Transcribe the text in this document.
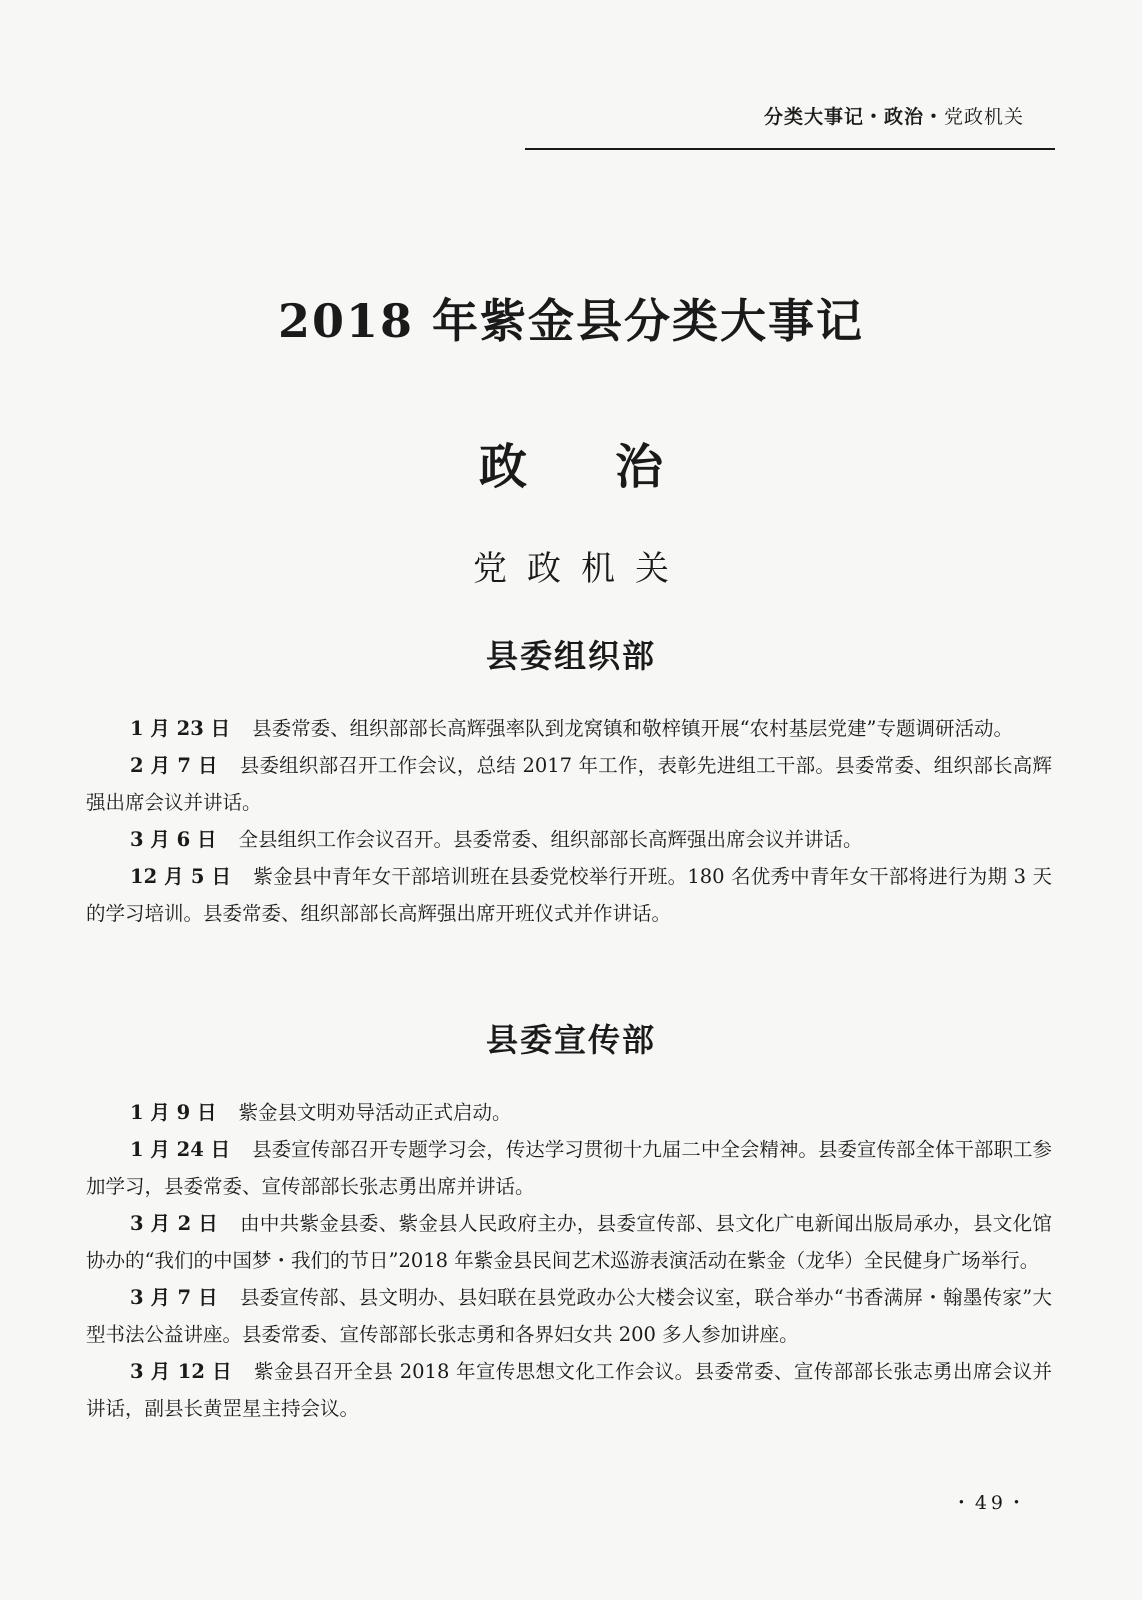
分类大事记・政治・党政机关
2018 年紫金县分类大事记
政治
党政机关
县委组织部

1 月 23 日 县委常委、组织部部长高辉强率队到龙窝镇和敬梓镇开展“农村基层党建”专题调研活动。

2 月 7 日 县委组织部召开工作会议，总结 2017 年工作，表彰先进组工干部。县委常委、组织部长高辉强出席会议并讲话。

3 月 6 日 全县组织工作会议召开。县委常委、组织部部长高辉强出席会议并讲话。

12 月 5 日 紫金县中青年女干部培训班在县委党校举行开班。180 名优秀中青年女干部将进行为期 3 天的学习培训。县委常委、组织部部长高辉强出席开班仪式并作讲话。

县委宣传部

1 月 9 日 紫金县文明劝导活动正式启动。

1 月 24 日 县委宣传部召开专题学习会，传达学习贯彻十九届二中全会精神。县委宣传部全体干部职工参加学习，县委常委、宣传部部长张志勇出席并讲话。

3 月 2 日 由中共紫金县委、紫金县人民政府主办，县委宣传部、县文化广电新闻出版局承办，县文化馆协办的“我们的中国梦・我们的节日”2018 年紫金县民间艺术巡游表演活动在紫金（龙华）全民健身广场举行。

3 月 7 日 县委宣传部、县文明办、县妇联在县党政办公大楼会议室，联合举办“书香满屏・翰墨传家”大型书法公益讲座。县委常委、宣传部部长张志勇和各界妇女共 200 多人参加讲座。

3 月 12 日 紫金县召开全县 2018 年宣传思想文化工作会议。县委常委、宣传部部长张志勇出席会议并讲话，副县长黄罡星主持会议。

・49・
